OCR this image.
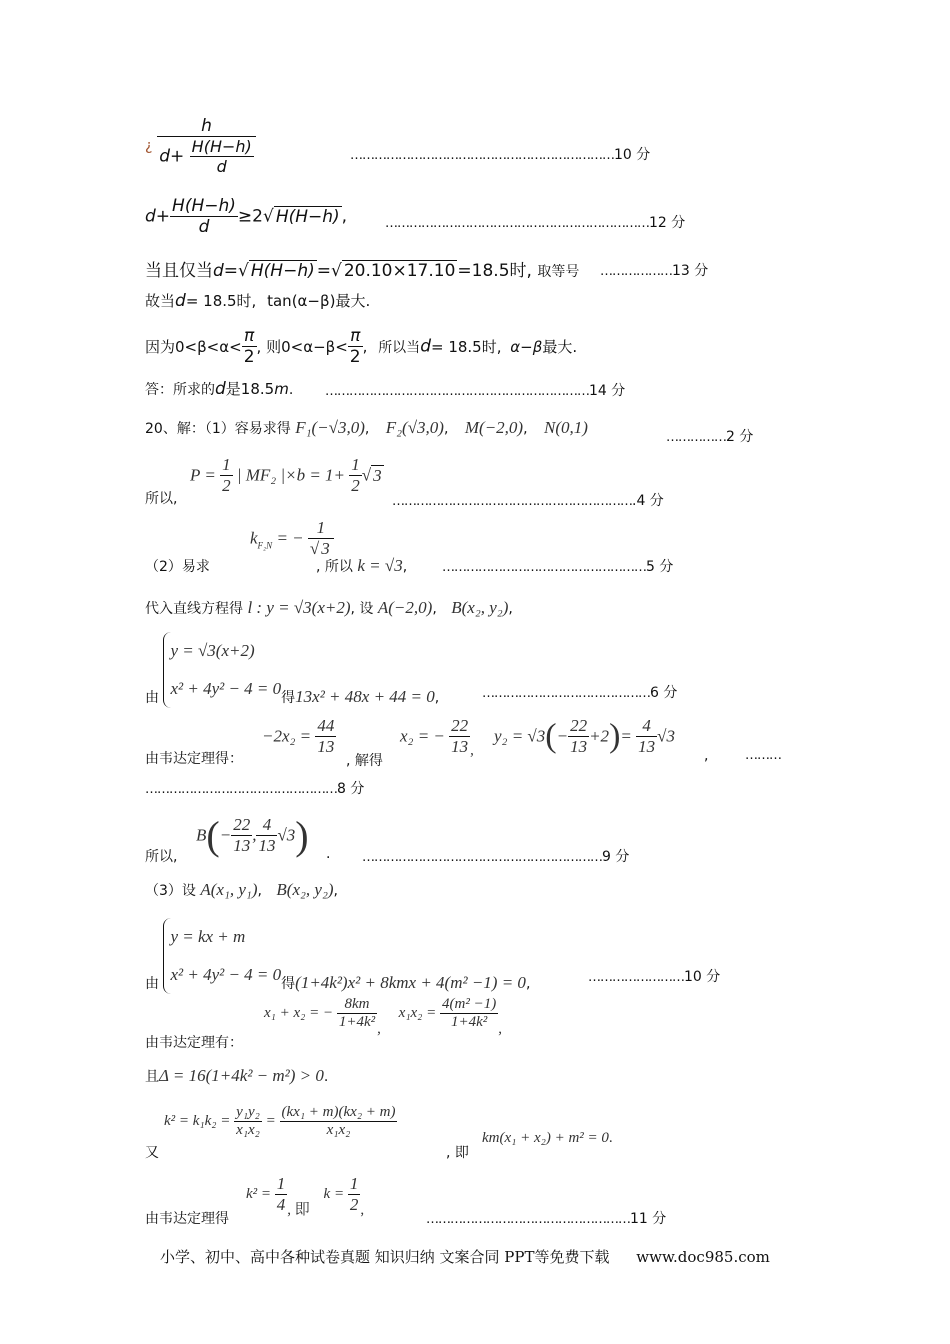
¿ $\frac{h}{d+ \frac{H(H-h)}{d}}$	…………………………………………………………10 分
$d+ \frac{H(H-h)}{d} \ge 2√$ H(H−h) ,	…………………………………………………………12 分
当且仅当d=√ H(H−h) =√ 20.10×17.10 =18.5时, 取等号 ………………13 分
故当d= 18.5时, tan(α−β)最大.
因为$0<\beta<\alpha< \frac{\pi}{2}$ , 则$0<\alpha-\beta< \frac{\pi}{2}$ , 所以当d= 18.5时, α−β最大.
答：所求的d是18.5m. …………………………………………………………14 分
20、解：（1）容易求得 F₁(−√3,0), F₂(√3,0), M(−2,0), N(0,1)
……………2 分
所以,
$P = \frac{1}{2}$ | MF₂ $|\times b = 1+ \frac{1}{2}$ √ 3
…………………………………………………….4 分
（2）易求
$k_{F_2N}$ = − $\frac{1}{√ 3}$
, 所以 k = √3,	……………………………………………5 分
代入直线方程得 l : y = √3(x+2), 设 A(−2,0), B(x₂, y₂),
由
y = √3(x+2)
x² + 4y² − 4 = 0 得13x² + 48x + 44 = 0,	……………………………………6 分
由韦达定理得：
$-2x_2 = \frac{44}{13}$
, 解得
x₂ = − $\frac{22}{13}$ ,
$y_2 = √3(- \frac{22}{13} +2)= \frac{4}{13} √3$
,	………
…………………………………………8 分
所以,
$B(- \frac{22}{13}$ , $\frac{4}{13} √3$) . ……………………………………………………9 分
（3）设 A(x₁, y₁), B(x₂, y₂),
由
y = kx + m
x² + 4y² − 4 = 0 得(1+4k²)x² + 8kmx + 4(m² −1) = 0,	……………………10 分
由韦达定理有：
x₁ + x₂ = − $\frac{8km}{\text{1+4k²}}$ , $x_1x_2 = \frac{\text{4(m² −1)}}{\text{1+4k²}}$ ,
且Δ = 16(1+4k² − m²) > 0.
又
$k^2 = k_1k_2 = \frac{\text{y₁y₂}}{\text{x₁x₂}} = \frac{\text{(kx₁ + m)(kx₂ + m)}}{\text{x₁x₂}}$
, 即
km(x₁ + x₂) + m² = 0.
由韦达定理得
$k^2 = \frac{1}{4}$ , 即 $k = \frac{1}{2}$ ,
……………………………………………11 分
小学、初中、高中各种试卷真题 知识归纳 文案合同 PPT等免费下载 www.doc985.com
